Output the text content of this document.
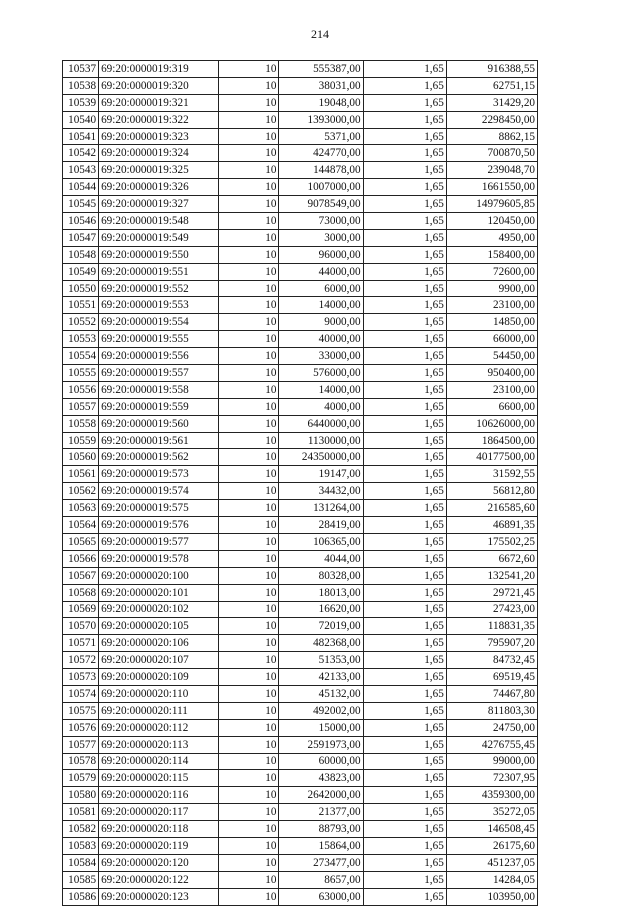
214
10537	69:20:0000019:319	10	555387,00	1,65	916388,55
10538	69:20:0000019:320	10	38031,00	1,65	62751,15
10539	69:20:0000019:321	10	19048,00	1,65	31429,20
10540	69:20:0000019:322	10	1393000,00	1,65	2298450,00
10541	69:20:0000019:323	10	5371,00	1,65	8862,15
10542	69:20:0000019:324	10	424770,00	1,65	700870,50
10543	69:20:0000019:325	10	144878,00	1,65	239048,70
10544	69:20:0000019:326	10	1007000,00	1,65	1661550,00
10545	69:20:0000019:327	10	9078549,00	1,65	14979605,85
10546	69:20:0000019:548	10	73000,00	1,65	120450,00
10547	69:20:0000019:549	10	3000,00	1,65	4950,00
10548	69:20:0000019:550	10	96000,00	1,65	158400,00
10549	69:20:0000019:551	10	44000,00	1,65	72600,00
10550	69:20:0000019:552	10	6000,00	1,65	9900,00
10551	69:20:0000019:553	10	14000,00	1,65	23100,00
10552	69:20:0000019:554	10	9000,00	1,65	14850,00
10553	69:20:0000019:555	10	40000,00	1,65	66000,00
10554	69:20:0000019:556	10	33000,00	1,65	54450,00
10555	69:20:0000019:557	10	576000,00	1,65	950400,00
10556	69:20:0000019:558	10	14000,00	1,65	23100,00
10557	69:20:0000019:559	10	4000,00	1,65	6600,00
10558	69:20:0000019:560	10	6440000,00	1,65	10626000,00
10559	69:20:0000019:561	10	1130000,00	1,65	1864500,00
10560	69:20:0000019:562	10	24350000,00	1,65	40177500,00
10561	69:20:0000019:573	10	19147,00	1,65	31592,55
10562	69:20:0000019:574	10	34432,00	1,65	56812,80
10563	69:20:0000019:575	10	131264,00	1,65	216585,60
10564	69:20:0000019:576	10	28419,00	1,65	46891,35
10565	69:20:0000019:577	10	106365,00	1,65	175502,25
10566	69:20:0000019:578	10	4044,00	1,65	6672,60
10567	69:20:0000020:100	10	80328,00	1,65	132541,20
10568	69:20:0000020:101	10	18013,00	1,65	29721,45
10569	69:20:0000020:102	10	16620,00	1,65	27423,00
10570	69:20:0000020:105	10	72019,00	1,65	118831,35
10571	69:20:0000020:106	10	482368,00	1,65	795907,20
10572	69:20:0000020:107	10	51353,00	1,65	84732,45
10573	69:20:0000020:109	10	42133,00	1,65	69519,45
10574	69:20:0000020:110	10	45132,00	1,65	74467,80
10575	69:20:0000020:111	10	492002,00	1,65	811803,30
10576	69:20:0000020:112	10	15000,00	1,65	24750,00
10577	69:20:0000020:113	10	2591973,00	1,65	4276755,45
10578	69:20:0000020:114	10	60000,00	1,65	99000,00
10579	69:20:0000020:115	10	43823,00	1,65	72307,95
10580	69:20:0000020:116	10	2642000,00	1,65	4359300,00
10581	69:20:0000020:117	10	21377,00	1,65	35272,05
10582	69:20:0000020:118	10	88793,00	1,65	146508,45
10583	69:20:0000020:119	10	15864,00	1,65	26175,60
10584	69:20:0000020:120	10	273477,00	1,65	451237,05
10585	69:20:0000020:122	10	8657,00	1,65	14284,05
10586	69:20:0000020:123	10	63000,00	1,65	103950,00
